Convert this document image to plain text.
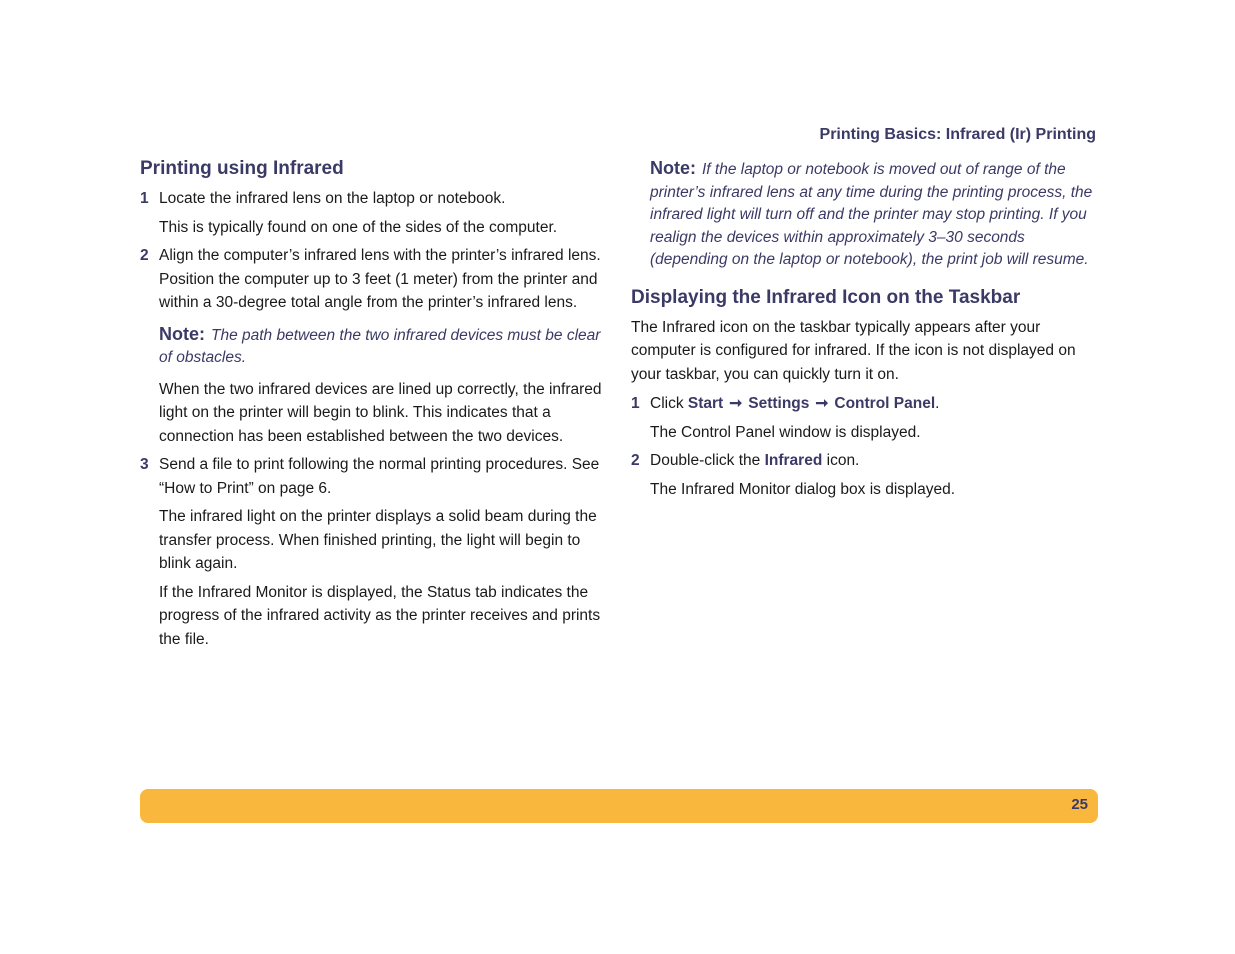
Printing Basics: Infrared (Ir) Printing
Printing using Infrared
1 Locate the infrared lens on the laptop or notebook.
This is typically found on one of the sides of the computer.
2 Align the computer’s infrared lens with the printer’s infrared lens. Position the computer up to 3 feet (1 meter) from the printer and within a 30-degree total angle from the printer’s infrared lens.
Note: The path between the two infrared devices must be clear of obstacles.
When the two infrared devices are lined up correctly, the infrared light on the printer will begin to blink. This indicates that a connection has been established between the two devices.
3 Send a file to print following the normal printing procedures. See “How to Print” on page 6.
The infrared light on the printer displays a solid beam during the transfer process. When finished printing, the light will begin to blink again.
If the Infrared Monitor is displayed, the Status tab indicates the progress of the infrared activity as the printer receives and prints the file.
Note: If the laptop or notebook is moved out of range of the printer’s infrared lens at any time during the printing process, the infrared light will turn off and the printer may stop printing. If you realign the devices within approximately 3–30 seconds (depending on the laptop or notebook), the print job will resume.
Displaying the Infrared Icon on the Taskbar
The Infrared icon on the taskbar typically appears after your computer is configured for infrared. If the icon is not displayed on your taskbar, you can quickly turn it on.
1 Click Start ➞ Settings ➞ Control Panel.
The Control Panel window is displayed.
2 Double-click the Infrared icon.
The Infrared Monitor dialog box is displayed.
25
